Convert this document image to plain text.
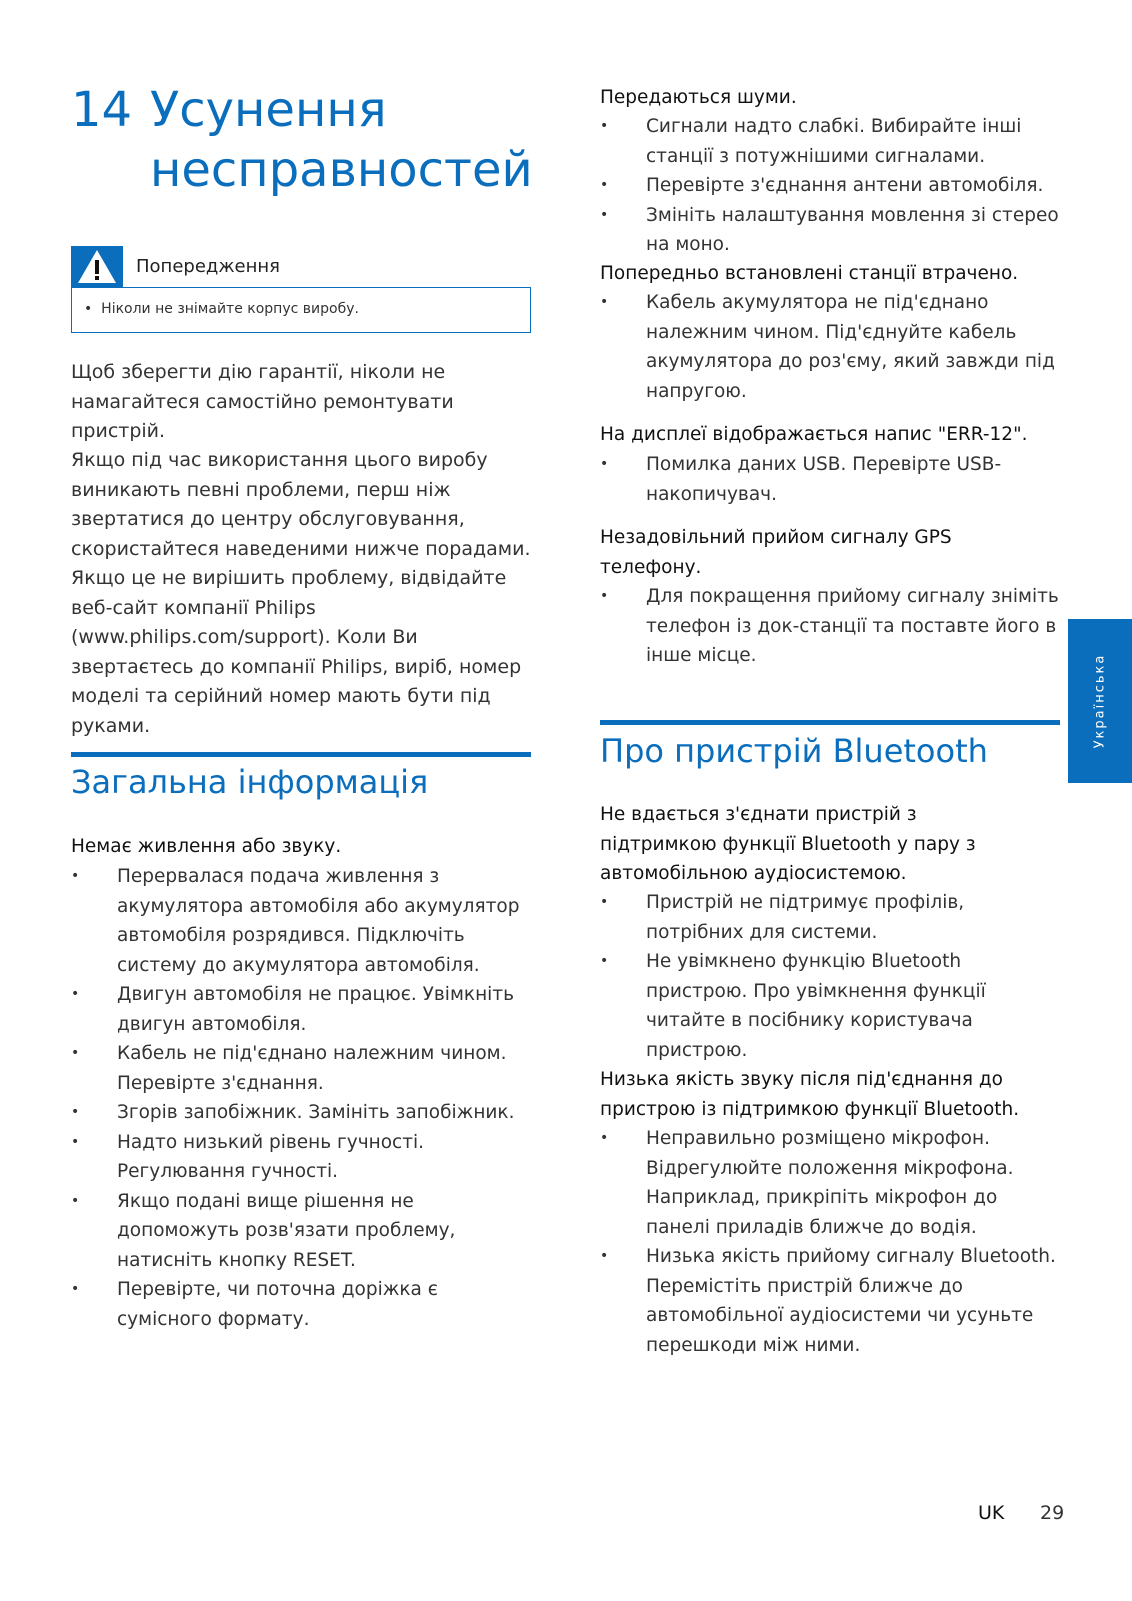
14 Усунення
несправностей
Попередження
•  Ніколи не знімайте корпус виробу.

Щоб зберегти дію гарантії, ніколи не намагайтеся самостійно ремонтувати пристрій.

Якщо під час використання цього виробу виникають певні проблеми, перш ніж звертатися до центру обслуговування, скористайтеся наведеними нижче порадами. Якщо це не вирішить проблему, відвідайте веб-сайт компанії Philips (www.philips.com/support). Коли Ви звертаєтесь до компанії Philips, виріб, номер моделі та серійний номер мають бути під руками.

Загальна інформація
Немає живлення або звуку.
• Перервалася подача живлення з акумулятора автомобіля або акумулятор автомобіля розрядився. Підключіть систему до акумулятора автомобіля.
• Двигун автомобіля не працює. Увімкніть двигун автомобіля.
• Кабель не під'єднано належним чином. Перевірте з'єднання.
• Згорів запобіжник. Замініть запобіжник.
• Надто низький рівень гучності. Регулювання гучності.
• Якщо подані вище рішення не допоможуть розв'язати проблему, натисніть кнопку RESET.
• Перевірте, чи поточна доріжка є сумісного формату.
Передаються шуми.
• Сигнали надто слабкі. Вибирайте інші станції з потужнішими сигналами.
• Перевірте з'єднання антени автомобіля.
• Змініть налаштування мовлення зі стерео на моно.
Попередньо встановлені станції втрачено.
• Кабель акумулятора не під'єднано належним чином. Під'єднуйте кабель акумулятора до роз'єму, який завжди під напругою.
На дисплеї відображається напис "ERR-12".
• Помилка даних USB. Перевірте USB-накопичувач.
Незадовільний прийом сигналу GPS телефону.
• Для покращення прийому сигналу зніміть телефон із док-станції та поставте його в інше місце.
Про пристрій Bluetooth
Не вдається з'єднати пристрій з підтримкою функції Bluetooth у пару з автомобільною аудіосистемою.
• Пристрій не підтримує профілів, потрібних для системи.
• Не увімкнено функцію Bluetooth пристрою. Про увімкнення функції читайте в посібнику користувача пристрою.
Низька якість звуку після під'єднання до пристрою із підтримкою функції Bluetooth.
• Неправильно розміщено мікрофон. Відрегулюйте положення мікрофона. Наприклад, прикріпіть мікрофон до панелі приладів ближче до водія.
• Низька якість прийому сигналу Bluetooth. Перемістіть пристрій ближче до автомобільної аудіосистеми чи усуньте перешкоди між ними.
Українська
UK 29
